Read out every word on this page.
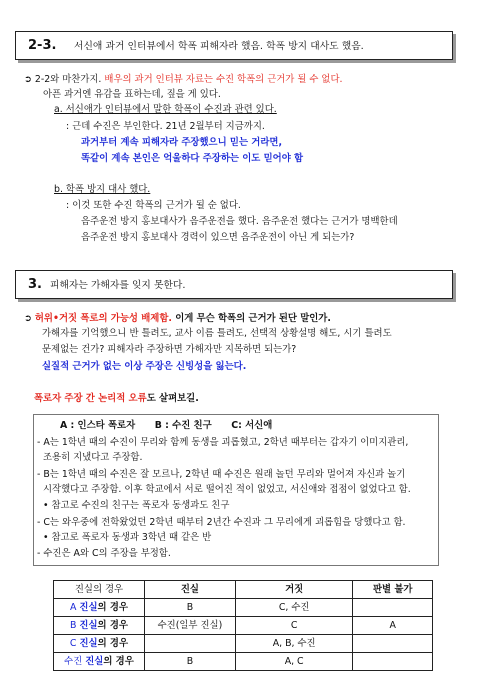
2-3. 서신애 과거 인터뷰에서 학폭 피해자라 했음. 학폭 방지 대사도 했음.
➲ 2-2와 마찬가지. 배우의 과거 인터뷰 자료는 수진 학폭의 근거가 될 수 없다.
아픈 과거엔 유감을 표하는데, 짚을 게 있다.
a. 서신애가 인터뷰에서 말한 학폭이 수진과 관련 있다.
: 근데 수진은 부인한다. 21년 2월부터 지금까지.
과거부터 계속 피해자라 주장했으니 믿는 거라면,
똑같이 계속 본인은 억울하다 주장하는 이도 믿어야 함
b. 학폭 방지 대사 했다.
: 이것 또한 수진 학폭의 근거가 될 순 없다.
음주운전 방지 홍보대사가 음주운전을 했다. 음주운전 했다는 근거가 명백한데
음주운전 방지 홍보대사 경력이 있으면 음주운전이 아닌 게 되는가?
3. 피해자는 가해자를 잊지 못한다.
➲ 허위•거짓 폭로의 가능성 배제함. 이게 무슨 학폭의 근거가 된단 말인가.
가해자를 기억했으니 반 틀려도, 교사 이름 틀려도, 선택적 상황설명 해도, 시기 틀려도
문제없는 건가? 피해자라 주장하면 가해자만 지목하면 되는가?
실질적 근거가 없는 이상 주장은 신빙성을 잃는다.
폭로자 주장 간 논리적 오류도 살펴보길.
A : 인스타 폭로자      B : 수진 친구      C: 서신애
- A는 1학년 때의 수진이 무리와 함께 동생을 괴롭혔고, 2학년 때부터는 갑자기 이미지관리,
조용히 지냈다고 주장함.
- B는 1학년 때의 수진은 잘 모르나, 2학년 때 수진은 원래 놀던 무리와 멀어져 자신과 놀기
시작했다고 주장함. 이후 학교에서 서로 떨어진 적이 없었고, 서신애와 접점이 없었다고 함.
• 참고로 수진의 친구는 폭로자 동생과도 친구
- C는 와우중에 전학왔었던 2학년 때부터 2년간 수진과 그 무리에게 괴롭힘을 당했다고 함.
• 참고로 폭로자 동생과 3학년 때 같은 반
- 수진은 A와 C의 주장을 부정함.
진실의 경우	진실	거짓	판별 불가
A 진실의 경우	B	C, 수진	
B 진실의 경우	수진(일부 진실)	C	A
C 진실의 경우		A, B, 수진	
수진 진실의 경우	B	A, C	
